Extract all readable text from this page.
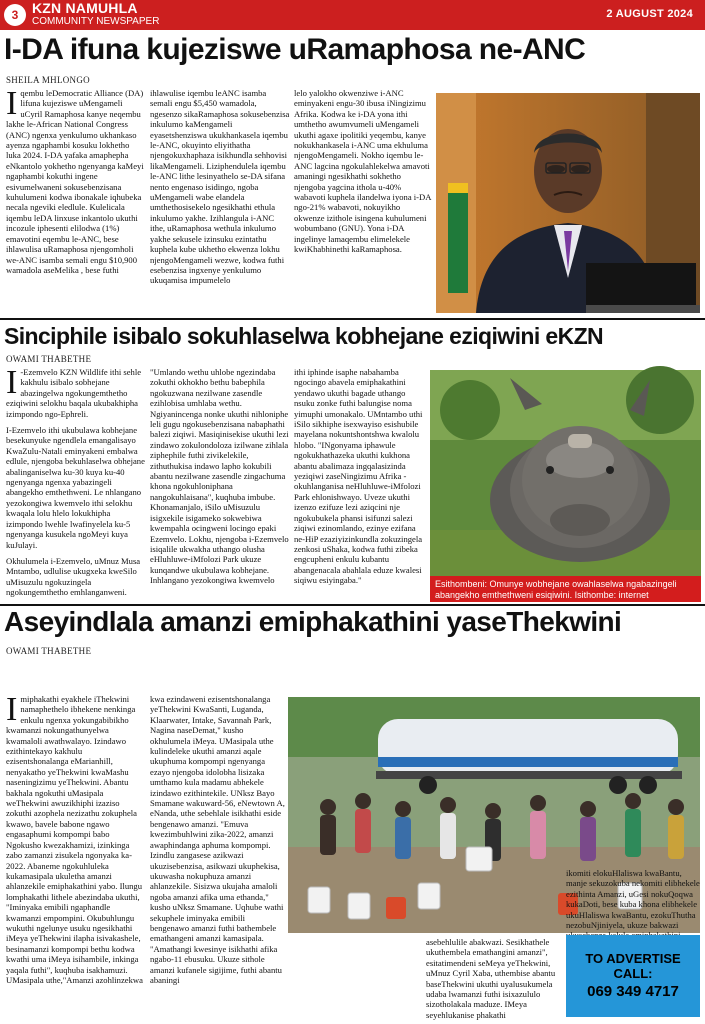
3 KZN NAMUHLA
COMMUNITY NEWSPAPER
2 AUGUST 2024
I-DA ifuna kujeziswe uRamaphosa ne-ANC
SHEILA MHLONGO
Iqembu leDemocratic Alliance (DA) lifuna kujeziswe uMengameli uCyril Ramaphosa kanye neqembu lakhe le-African National Congress (ANC) ngenxa yenkulumo ukhankaso ayenza ngaphambi kosuku lokhetho luka 2024. I-DA yafaka amaphepha eNkantolo yokhetho ngenyanga kaMeyi ngaphambi kokuthi ingene esivumelwaneni sokusebenzisana kuhulumeni kodwa ibonakale iqhubeka necala ngeviki eledlule. Kulelicala iqembu leDA linxuse inkantolo ukuthi incozule iphesenti elilodwa (1%) emavotini eqembu le-ANC, bese ihlawulisa uRamaphosa njengomholi we-ANC isamba semali engu $10,900 wamadola aseMelika , bese futhi
ihlawulise iqembu leANC isamba semali engu $5,450 wamadola, ngesenzo sikaRamaphosa sokusebenzisa inkulumo kaMengameli eyasetshenziswa ukukhankasela iqembu le-ANC, okuyinto eliyithatha njengokuxhaphaza isikhundla sehhovisi likaMengameli. Liziphendulela iqembu le-ANC lithe lesinyathelo se-DA sifana nento engenaso isidingo, ngoba uMengameli wabe elandela umthethosisekelo ngesikhathi ethula inkulumo yakhe. Izihlangula i-ANC ithe, uRamaphosa wethula inkulumo yakhe sekusele izinsuku ezintathu kuphela kube ukhetho ekwenza lokhu njengoMengameli wezwe, kodwa futhi esebenzisa ingxenye yenkulumo ukuqamisa impumelelo
lelo yalokho okwenziwe i-ANC eminyakeni engu-30 ibusa iNingizimu Afrika. Kodwa ke i-DA yona ithi umthetho awumvumeli uMengameli ukuthi agaxe ipolitiki yeqembu, kanye nokukhankasela i-ANC uma ekhuluma njengoMengameli. Nokho iqembu le-ANC lagcina ngokulahlekelwa amavoti amaningi ngesikhathi sokhetho njengoba yagcina ithola u-40% wabavoti kuphela ilandelwa iyona i-DA ngo-21% wabavoti, nokuyikho okwenze izithole isingena kuhulumeni wobumbano (GNU). Yona i-DA ingelinye lamaqembu elimelekele kwiKhabhinethi kaRamaphosa.
Sinciphile isibalo sokuhlaselwa kobhejane eziqiwini eKZN
OWAMI THABETHE

I -Ezemvelo KZN Wildlife ithi sehle kakhulu isibalo sobhejane abazingelwa ngokungemthetho eziqiwini selokhu baqala ukubakhipha izimpondo ngo-Ephreli.

I-Ezemvelo ithi ukubulawa kobhejane besekunyuke ngendlela emangalisayo KwaZulu-Natali eminyakeni embalwa edlule, njengoba bekuhlaselwa obhejane abalinganiselwa ku-30 kuya ku-40 ngenyanga ngenxa yabazingeli abangekho emthethweni. Le nhlangano yezokongiwa kwemvelo ithi selokhu kwaqala lolu hlelo lokukhipha izimpondo lwehle lwafinyelela ku-5 ngenyanga kusukela ngoMeyi kuya kuJulayi.

Okhulumela i-Ezemvelo, uMnuz Musa Mntambo, udlulise ukugxeka kweSilo uMisuzulu ngokuzingela ngokungemthetho emhlanganweni.

"Umlando wethu uhlobe ngezindaba zokuthi okhokho bethu babephila ngokuzwana nezilwane zasendle ezihlobisa umhlaba wethu. Ngiyanincenga nonke ukuthi nihloniphe leli gugu ngokusebenzisana nabaphathi balezi ziqiwi. Masiqinisekise ukuthi lezi zindawo zokulondoloza izilwane zihlala ziphephile futhi zivikelekile, zithuthukisa indawo lapho kokubili abantu nezilwane zasendle zingachuma khona ngokuhloniphana nangokuhlaisana", kuqhuba imbube. Khonamanjalo, iSilo uMisuzulu isigxekile isigameko sokwebiwa kwempahla ocingweni locingo epaki Ezemvelo. Lokhu, njengoba i-Ezemvelo isiqalile ukwakha uthango olusha eHluhluwe-iMfolozi Park ukuze kunqandwe ukubulawa kobhejane. Inhlangano yezokongiwa kwemvelo
ithi iphinde isaphe nabahamba ngocingo abavela emiphakathini yendawo ukuthi bagade uthango nsuku zonke futhi balungise noma yimuphi umonakalo. UMntambo uthi iSilo sikhiphe isexwayiso esishubile mayelana nokuntshontshwa kwalolu hlobo. "INgonyama iphawule ngokukhathazeka ukuthi kukhona abantu abalimaza ingqalasizinda yeziqiwi zaseNingizimu Afrika - okuhlanganisa neHluhluwe-iMfolozi Park ehlonishwayo. Uveze ukuthi izenzo ezifuze lezi aziqcini nje ngokubukela phansi isifunzi salezi ziqiwi ezinomlando, ezinye ezifana ne-HiP ezaziyizinkundla zokuzingela zenkosi uShaka, kodwa futhi zibeka engcupheni enkulu kubantu abangenacala abahlala eduze kwalesi siqiwu esiyingaba."	Esithombeni: Omunye wobhejane owahlaselwa ngabazingeli abangekho emthethweni esiqiwini. Isithombe: internet
Aseyindlala amanzi emiphakathini yaseThekwini
OWAMI THABETHE
Imiphakathi eyakhele iThekwini namaphethelo ibhekene nenkinga enkulu ngenxa yokungabibikho kwamanzi nokungathunyelwa kwamaloli awathwalayo. Izindawo ezithintekayo kakhulu ezisentshonalanga eMarianhill, nenyakatho yeThekwini kwaMashu naseningizimu yeThekwini. Abantu bakhala ngokuthi uMasipala weThekwini awuzikhiphi izaziso zokuthi azophela nezizathu zokuphela kwawo, bavele babone ngawo engasaphumi kompompi babo Ngokusho kwezakhamizi, izinkinga zabo zamanzi zisukela ngonyaka ka-2022. Abaneme ngokuhluleka kukamasipala ukuletha amanzi ahlanzekile emiphakathini yabo. Ilungu lomphakathi lithele abezindaba ukuthi, "Iminyaka emibili ngaphandle kwamanzi empompini. Okubuhlungu wukuthi ngelunye usuku ngesikhathi iMeya yeThekwini ilapha isivakashele, besinamanzi kompompi bethu kodwa kwathi uma iMeya isihambile, inkinga yaqala futhi", kuqhuba isakhamuzi. UMasipala uthe,"Amanzi azohlinzekwa
kwa ezindaweni ezisentshonalanga yeThekwini KwaSanti, Luganda, Klaarwater, Intake, Savannah Park, Nagina naseDemat," kusho okhulumela iMeya. UMasipala uthe kulindeleke ukuthi amanzi aqale ukuphuma kompompi ngenyanga ezayo njengoba idolobha lisizaka umthamo kula madamu abhekele izindawo ezithintekile. UNksz Bayo Smamane wakuward-56, eNewtown A, eNanda, uthe sebehlale isikhathi eside bengenawo amanzi. "Emuva kwezimbuhlwini zika-2022, amanzi awaphindanga aphuma kompompi. Izindlu zangasese azikwazi ukuzisebenzisa, asikwazi ukuphekisa, ukuwasha nokuphuza amanzi ahlanzekile. Sisizwa ukujaha amaloli ngoba amanzi afika uma ethanda," kusho uNksz Smamane. Uqhube wathi sekuphele iminyaka emibili bengenawo amanzi futhi bathembele emathangeni amanzi kamasipala. "Amathangi kwesinye isikhathi afika ngabo-11 ebusuku. Ukuze sithole amanzi kufanele sigijime, futhi abantu abaningi
asebehlulile abakwazi. Sesikhathele ukuthembela emathangini amanzi", esitatimendeni seMeya yeThekwini, uMnuz Cyril Xaba, uthembise abantu baseThekwini ukuthi uyalusukumela udaba lwamanzi futhi isixazululo sizotholakala maduze. IMeya seyehlukanise phakathi
ikomiti elokuHlaliswa kwaBantu, manje sekuzokuba nekomiti elibhekele ezithinta Amanzi, uGesi nokuQoqwa kukaDoti, bese kuba khona elibhekele ukuHlaliswa kwaBantu, ezokuThutha nezobuNjiniyela, ukuze bakwazi
TO ADVERTISE
CALL:
069 349 4717
